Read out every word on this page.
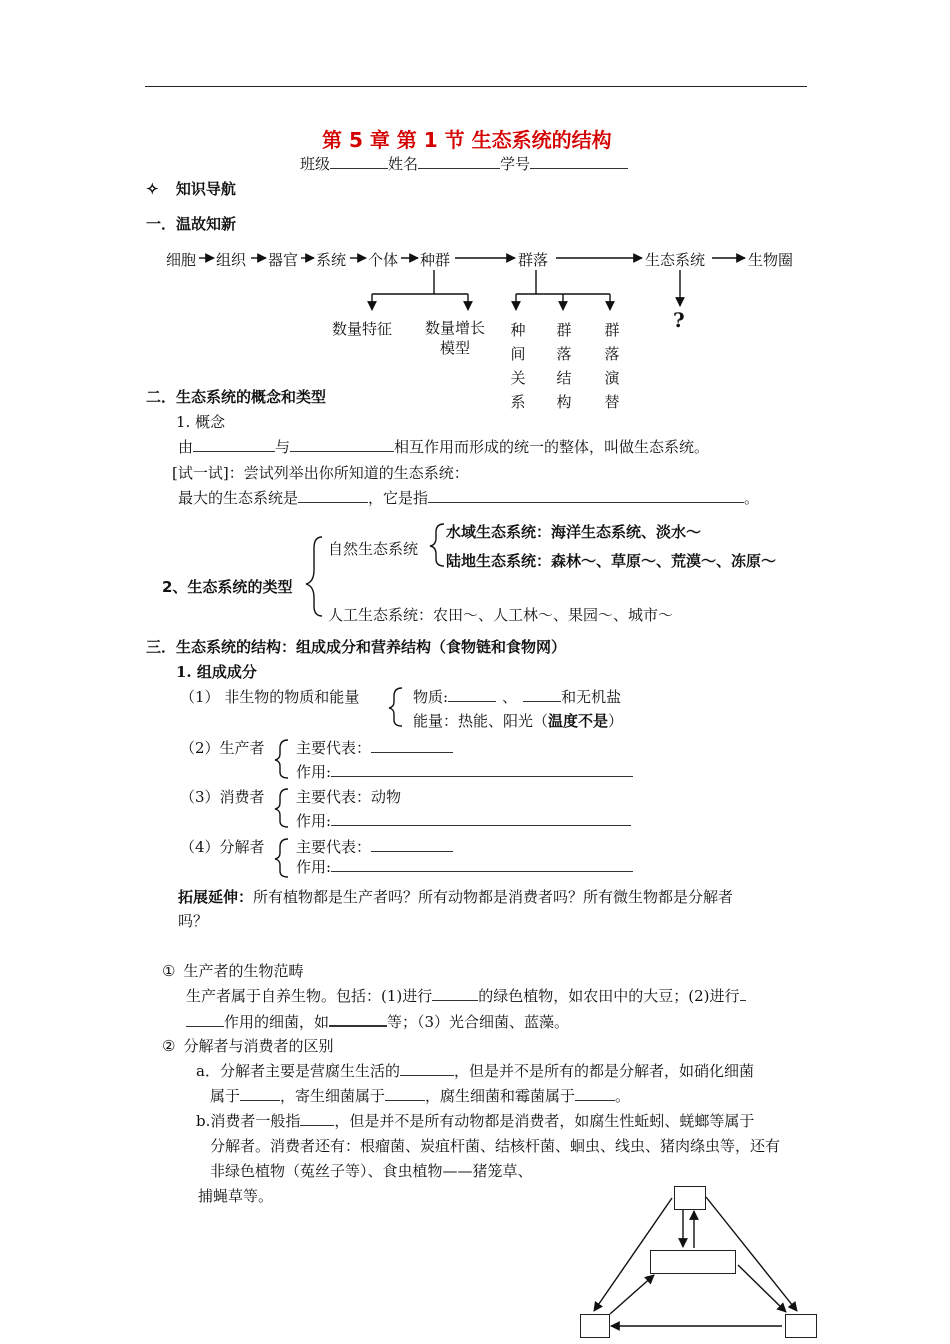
第 5 章 第 1 节 生态系统的结构
班级	姓名	学号
✧ 知识导航
一．温故知新
细胞 组织 器官 系统 个体 种群	群落	生态系统	生物圈
数量特征	数量增长模型
种间关系
群落结构
群落演替
?
二．生态系统的概念和类型
1. 概念
由	与	相互作用而形成的统一的整体，叫做生态系统。
[试一试]：尝试列举出你所知道的生态系统：
最大的生态系统是	，它是指	。
2、生态系统的类型
自然生态系统
水域生态系统：海洋生态系统、淡水～
陆地生态系统：森林～、草原～、荒漠～、冻原～
人工生态系统：农田～、人工林～、果园～、城市～
三．生态系统的结构：组成成分和营养结构（食物链和食物网）
1. 组成成分
（1） 非生物的物质和能量	物质:	、	和无机盐
能量：热能、阳光（温度不是）
（2）生产者 主要代表：
作用:
（3）消费者 主要代表：动物
作用:
（4）分解者 主要代表：
作用:
拓展延伸：所有植物都是生产者吗？所有动物都是消费者吗？所有微生物都是分解者
吗？
① 生产者的生物范畴
生产者属于自养生物。包括：(1)进行	的绿色植物，如农田中的大豆；(2)进行
作用的细菌，如	等；（3）光合细菌、蓝藻。
② 分解者与消费者的区别
a．分解者主要是营腐生生活的	，但是并不是所有的都是分解者，如硝化细菌
属于	，寄生细菌属于	，腐生细菌和霉菌属于	。
b.消费者一般指 ，但是并不是所有动物都是消费者，如腐生性蚯蚓、蜣螂等属于
分解者。消费者还有：根瘤菌、炭疽杆菌、结核杆菌、蛔虫、线虫、猪肉绦虫等，还有
非绿色植物（菟丝子等）、食虫植物——猪笼草、
捕蝇草等。
